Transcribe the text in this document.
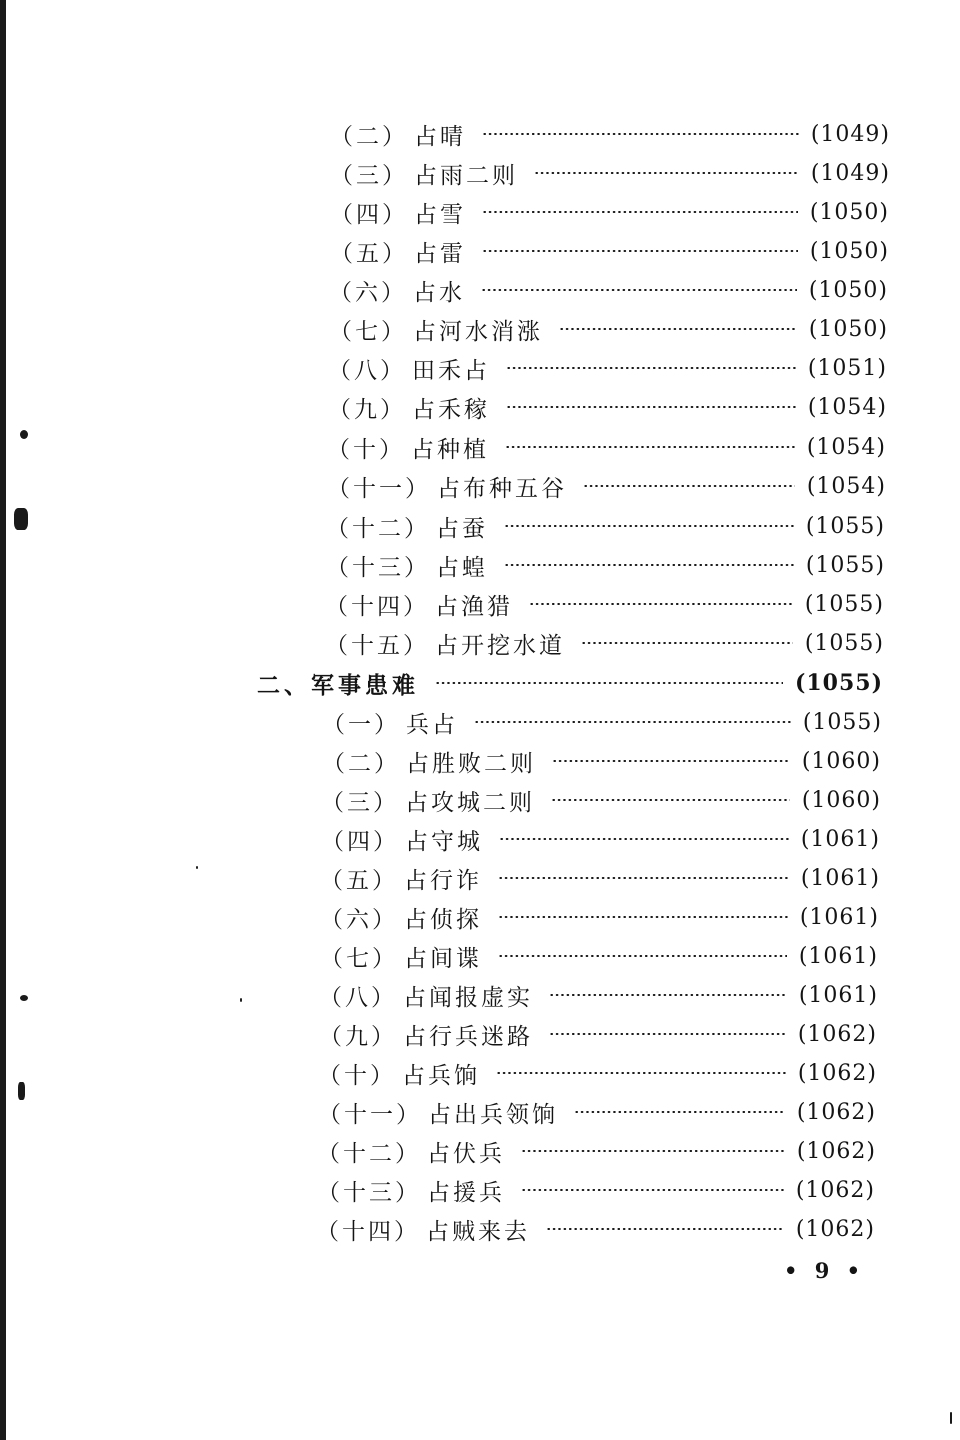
（二） 占晴	(1049)
（三） 占雨二则	(1049)
（四） 占雪	(1050)
（五） 占雷	(1050)
（六） 占水	(1050)
（七） 占河水消涨	(1050)
（八） 田禾占	(1051)
（九） 占禾稼	(1054)
（十） 占种植	(1054)
（十一） 占布种五谷	(1054)
（十二） 占蚕	(1055)
（十三） 占蝗	(1055)
（十四） 占渔猎	(1055)
（十五） 占开挖水道	(1055)
二、军事患难	(1055)
（一） 兵占	(1055)
（二） 占胜败二则	(1060)
（三） 占攻城二则	(1060)
（四） 占守城	(1061)
（五） 占行诈	(1061)
（六） 占侦探	(1061)
（七） 占间谍	(1061)
（八） 占闻报虚实	(1061)
（九） 占行兵迷路	(1062)
（十） 占兵饷	(1062)
（十一） 占出兵领饷	(1062)
（十二） 占伏兵	(1062)
（十三） 占援兵	(1062)
（十四） 占贼来去	(1062)
• 9 •
